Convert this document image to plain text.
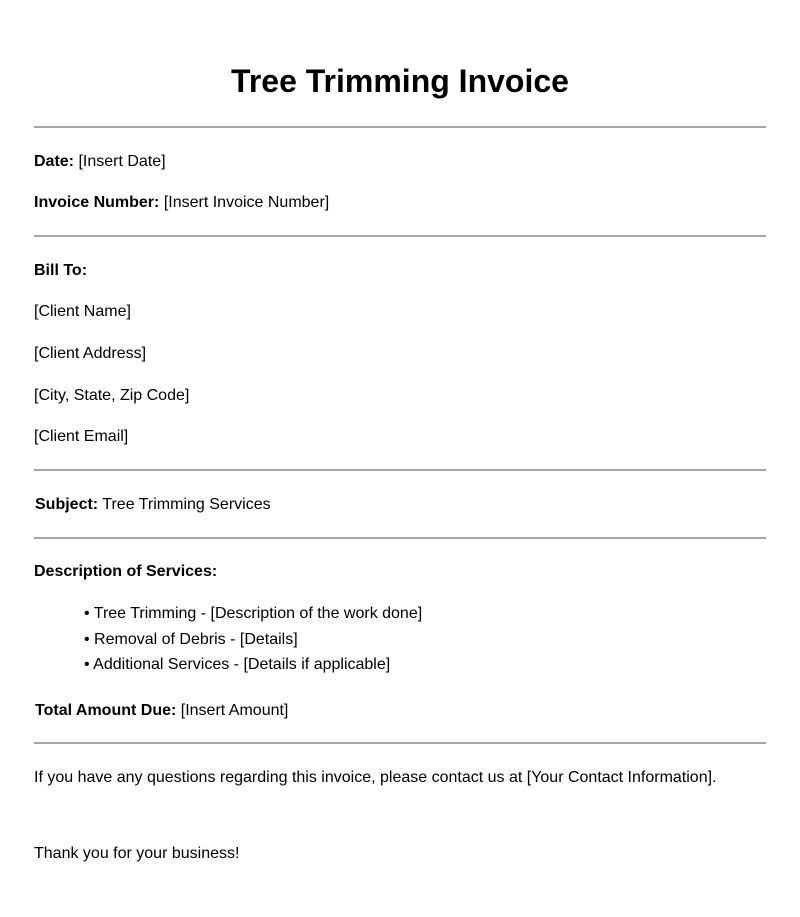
Tree Trimming Invoice
Date: [Insert Date]
Invoice Number: [Insert Invoice Number]
Bill To:
[Client Name]
[Client Address]
[City, State, Zip Code]
[Client Email]
Subject: Tree Trimming Services
Description of Services:
• Tree Trimming - [Description of the work done]
• Removal of Debris - [Details]
• Additional Services - [Details if applicable]
Total Amount Due: [Insert Amount]
If you have any questions regarding this invoice, please contact us at [Your Contact Information].
Thank you for your business!
